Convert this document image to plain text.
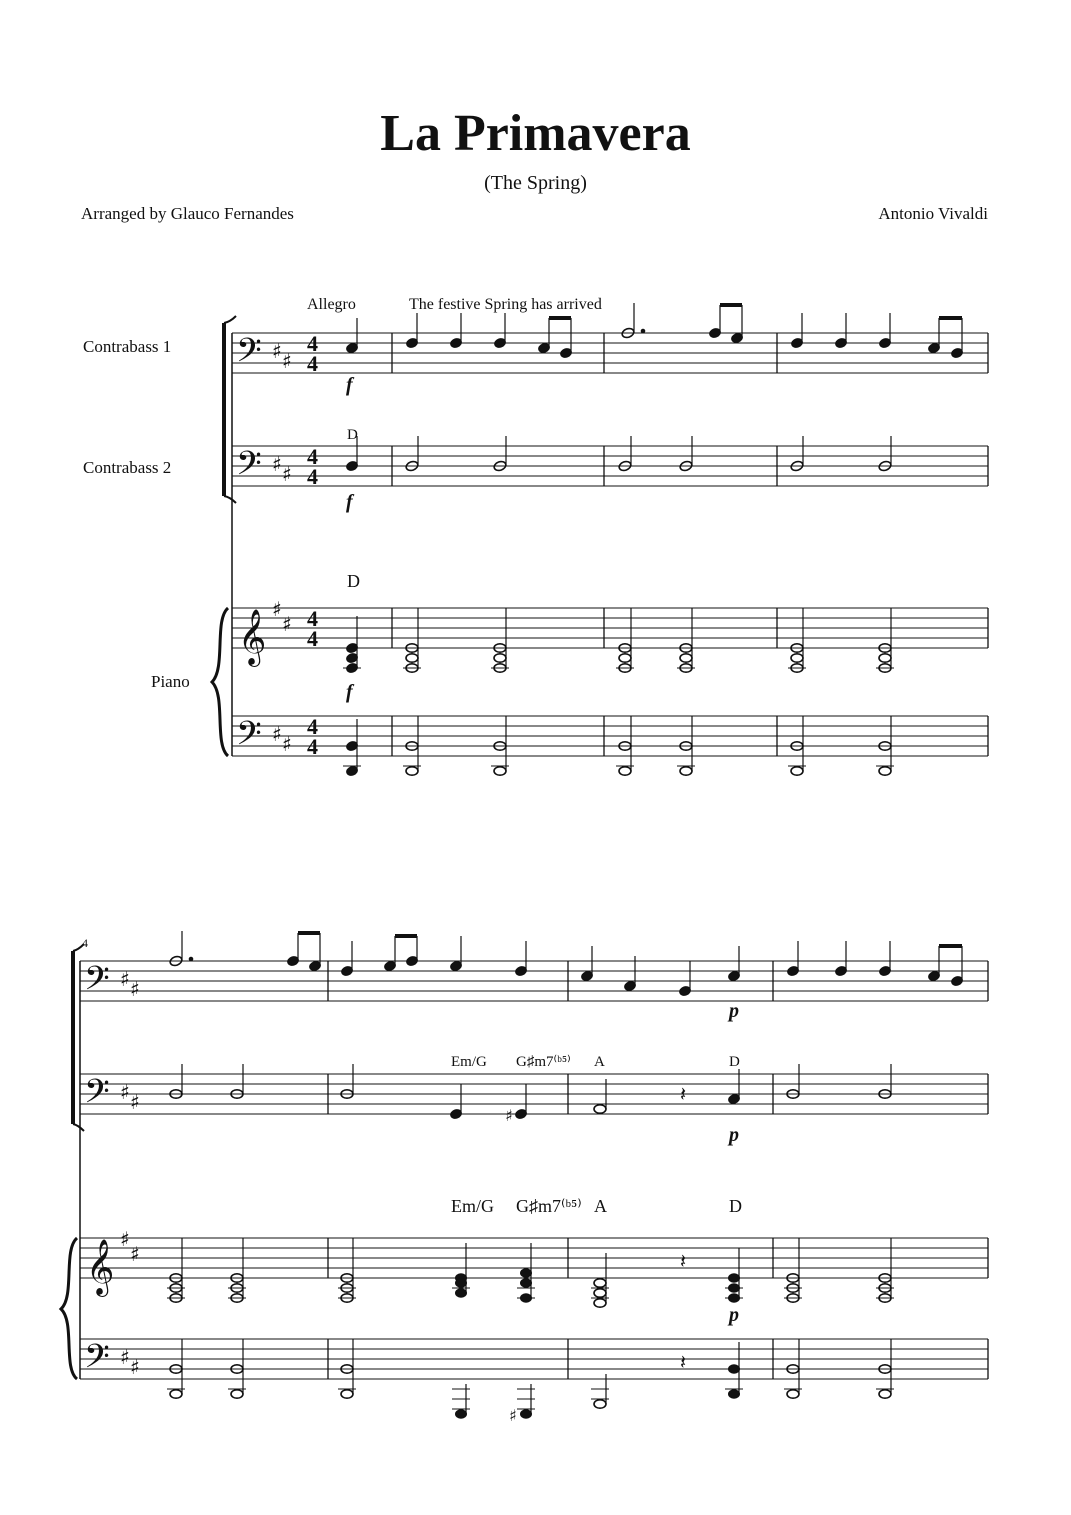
La Primavera
(The Spring)
Arranged by Glauco Fernandes	Antonio Vivaldi
Allegro	The festive Spring has arrived
Contrabass 1
Contrabass 2
Piano
𝄢
𝄢
𝄞
𝄢
♯ ♯
♯ ♯
♯
♯
♯ ♯
4
4
4
4
4
4
4
4
D
D
f
f
f
4
𝄢
𝄢
𝄞
𝄢
♯ ♯
♯ ♯
♯
♯
♯ ♯
Em/G G♯m7⁽ᵇ⁵⁾ A	D
Em/G G♯m7⁽ᵇ⁵⁾ A	D
p
p
p
♯
𝄽
𝄽
♯
𝄽
